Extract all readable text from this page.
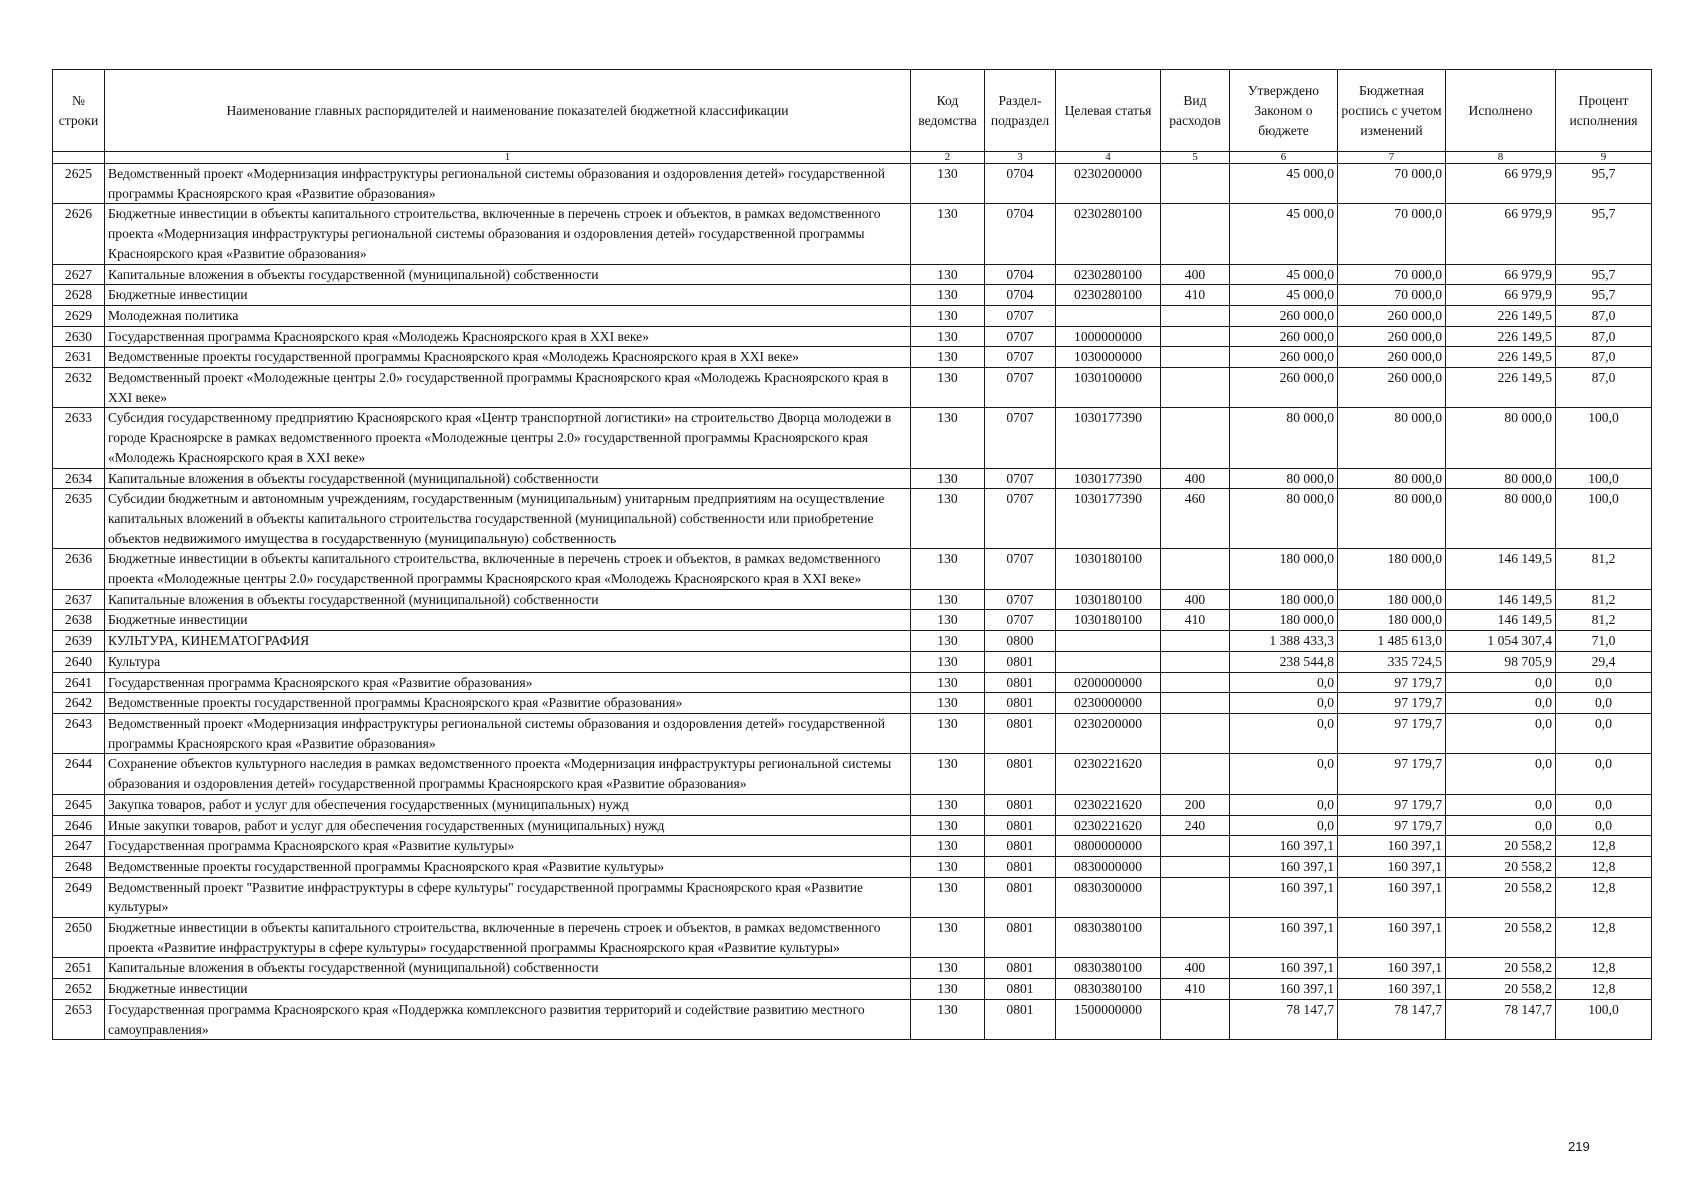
№ строки	Наименование главных распорядителей и наименование показателей бюджетной классификации	Код ведомства	Раздел-подраздел	Целевая статья	Вид расходов	Утверждено Законом о бюджете	Бюджетная роспись с учетом изменений	Исполнено	Процент исполнения
	1	2	3	4	5	6	7	8	9
2625	Ведомственный проект «Модернизация инфраструктуры региональной системы образования и оздоровления детей» государственной программы Красноярского края «Развитие образования»	130	0704	0230200000		45 000,0	70 000,0	66 979,9	95,7
2626	Бюджетные инвестиции в объекты капитального строительства, включенные в перечень строек и объектов, в рамках ведомственного проекта «Модернизация инфраструктуры региональной системы образования и оздоровления детей» государственной программы Красноярского края «Развитие образования»	130	0704	0230280100		45 000,0	70 000,0	66 979,9	95,7
2627	Капитальные вложения в объекты государственной (муниципальной) собственности	130	0704	0230280100	400	45 000,0	70 000,0	66 979,9	95,7
2628	Бюджетные инвестиции	130	0704	0230280100	410	45 000,0	70 000,0	66 979,9	95,7
2629	Молодежная политика	130	0707			260 000,0	260 000,0	226 149,5	87,0
2630	Государственная программа Красноярского края «Молодежь Красноярского края в XXI веке»	130	0707	1000000000		260 000,0	260 000,0	226 149,5	87,0
2631	Ведомственные проекты государственной программы Красноярского края «Молодежь Красноярского края в XXI веке»	130	0707	1030000000		260 000,0	260 000,0	226 149,5	87,0
2632	Ведомственный проект «Молодежные центры 2.0» государственной программы Красноярского края «Молодежь Красноярского края в XXI веке»	130	0707	1030100000		260 000,0	260 000,0	226 149,5	87,0
2633	Субсидия государственному предприятию Красноярского края «Центр транспортной логистики» на строительство Дворца молодежи в городе Красноярске в рамках ведомственного проекта «Молодежные центры 2.0» государственной программы Красноярского края «Молодежь Красноярского края в XXI веке»	130	0707	1030177390		80 000,0	80 000,0	80 000,0	100,0
2634	Капитальные вложения в объекты государственной (муниципальной) собственности	130	0707	1030177390	400	80 000,0	80 000,0	80 000,0	100,0
2635	Субсидии бюджетным и автономным учреждениям, государственным (муниципальным) унитарным предприятиям на осуществление капитальных вложений в объекты капитального строительства государственной (муниципальной) собственности или приобретение объектов недвижимого имущества в государственную (муниципальную) собственность	130	0707	1030177390	460	80 000,0	80 000,0	80 000,0	100,0
2636	Бюджетные инвестиции в объекты капитального строительства, включенные в перечень строек и объектов, в рамках ведомственного проекта «Молодежные центры 2.0» государственной программы Красноярского края «Молодежь Красноярского края в XXI веке»	130	0707	1030180100		180 000,0	180 000,0	146 149,5	81,2
2637	Капитальные вложения в объекты государственной (муниципальной) собственности	130	0707	1030180100	400	180 000,0	180 000,0	146 149,5	81,2
2638	Бюджетные инвестиции	130	0707	1030180100	410	180 000,0	180 000,0	146 149,5	81,2
2639	КУЛЬТУРА, КИНЕМАТОГРАФИЯ	130	0800			1 388 433,3	1 485 613,0	1 054 307,4	71,0
2640	Культура	130	0801			238 544,8	335 724,5	98 705,9	29,4
2641	Государственная программа Красноярского края «Развитие образования»	130	0801	0200000000		0,0	97 179,7	0,0	0,0
2642	Ведомственные проекты государственной программы Красноярского края «Развитие образования»	130	0801	0230000000		0,0	97 179,7	0,0	0,0
2643	Ведомственный проект «Модернизация инфраструктуры региональной системы образования и оздоровления детей» государственной программы Красноярского края «Развитие образования»	130	0801	0230200000		0,0	97 179,7	0,0	0,0
2644	Сохранение объектов культурного наследия в рамках ведомственного проекта «Модернизация инфраструктуры региональной системы образования и оздоровления детей» государственной программы Красноярского края «Развитие образования»	130	0801	0230221620		0,0	97 179,7	0,0	0,0
2645	Закупка товаров, работ и услуг для обеспечения государственных (муниципальных) нужд	130	0801	0230221620	200	0,0	97 179,7	0,0	0,0
2646	Иные закупки товаров, работ и услуг для обеспечения государственных (муниципальных) нужд	130	0801	0230221620	240	0,0	97 179,7	0,0	0,0
2647	Государственная программа Красноярского края «Развитие культуры»	130	0801	0800000000		160 397,1	160 397,1	20 558,2	12,8
2648	Ведомственные проекты государственной программы Красноярского края «Развитие культуры»	130	0801	0830000000		160 397,1	160 397,1	20 558,2	12,8
2649	Ведомственный проект "Развитие инфраструктуры в сфере культуры" государственной программы Красноярского края «Развитие культуры»	130	0801	0830300000		160 397,1	160 397,1	20 558,2	12,8
2650	Бюджетные инвестиции в объекты капитального строительства, включенные в перечень строек и объектов, в рамках ведомственного проекта «Развитие инфраструктуры в сфере культуры» государственной программы Красноярского края «Развитие культуры»	130	0801	0830380100		160 397,1	160 397,1	20 558,2	12,8
2651	Капитальные вложения в объекты государственной (муниципальной) собственности	130	0801	0830380100	400	160 397,1	160 397,1	20 558,2	12,8
2652	Бюджетные инвестиции	130	0801	0830380100	410	160 397,1	160 397,1	20 558,2	12,8
2653	Государственная программа Красноярского края «Поддержка комплексного развития территорий и содействие развитию местного самоуправления»	130	0801	1500000000		78 147,7	78 147,7	78 147,7	100,0
219
